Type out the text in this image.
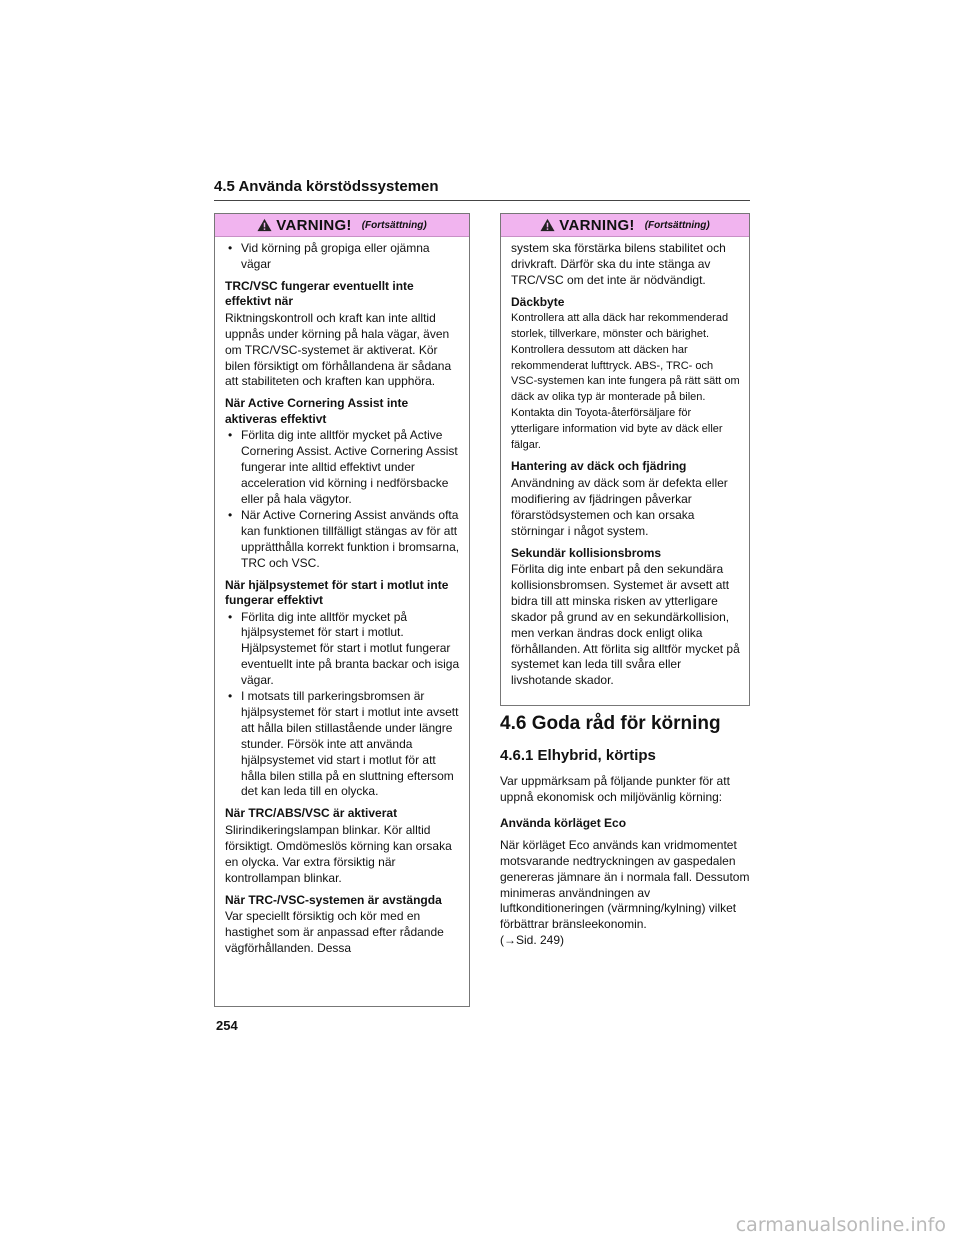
4.5 Använda körstödssystemen
VARNING! (Fortsättning)
• Vid körning på gropiga eller ojämna vägar
TRC/VSC fungerar eventuellt inte effektivt när

Riktningskontroll och kraft kan inte alltid uppnås under körning på hala vägar, även om TRC/VSC-systemet är aktiverat. Kör bilen försiktigt om förhållandena är sådana att stabiliteten och kraften kan upphöra.

När Active Cornering Assist inte aktiveras effektivt
• Förlita dig inte alltför mycket på Active Cornering Assist. Active Cornering Assist fungerar inte alltid effektivt under acceleration vid körning i nedförsbacke eller på hala vägytor.
• När Active Cornering Assist används ofta kan funktionen tillfälligt stängas av för att upprätthålla korrekt funktion i bromsarna, TRC och VSC.
När hjälpsystemet för start i motlut inte fungerar effektivt
• Förlita dig inte alltför mycket på hjälpsystemet för start i motlut. Hjälpsystemet för start i motlut fungerar eventuellt inte på branta backar och isiga vägar.
• I motsats till parkeringsbromsen är hjälpsystemet för start i motlut inte avsett att hålla bilen stillastående under längre stunder. Försök inte att använda hjälpsystemet vid start i motlut för att hålla bilen stilla på en sluttning eftersom det kan leda till en olycka.
När TRC/ABS/VSC är aktiverat

Slirindikeringslampan blinkar. Kör alltid försiktigt. Omdömeslös körning kan orsaka en olycka. Var extra försiktig när kontrollampan blinkar.

När TRC-/VSC-systemen är avstängda

Var speciellt försiktig och kör med en hastighet som är anpassad efter rådande vägförhållanden. Dessa

VARNING! (Fortsättning)

system ska förstärka bilens stabilitet och drivkraft. Därför ska du inte stänga av TRC/VSC om det inte är nödvändigt.

Däckbyte

Kontrollera att alla däck har rekommenderad storlek, tillverkare, mönster och bärighet. Kontrollera dessutom att däcken har rekommenderat lufttryck. ABS-, TRC- och VSC-systemen kan inte fungera på rätt sätt om däck av olika typ är monterade på bilen. Kontakta din Toyota-återförsäljare för ytterligare information vid byte av däck eller fälgar.

Hantering av däck och fjädring

Användning av däck som är defekta eller modifiering av fjädringen påverkar förarstödsystemen och kan orsaka störningar i något system.

Sekundär kollisionsbroms

Förlita dig inte enbart på den sekundära kollisionsbromsen. Systemet är avsett att bidra till att minska risken av ytterligare skador på grund av en sekundärkollision, men verkan ändras dock enligt olika förhållanden. Att förlita sig alltför mycket på systemet kan leda till svåra eller livshotande skador.

4.6 Goda råd för körning
4.6.1 Elhybrid, körtips

Var uppmärksam på följande punkter för att uppnå ekonomisk och miljövänlig körning:

Använda körläget Eco

När körläget Eco används kan vridmomentet motsvarande nedtryckningen av gaspedalen genereras jämnare än i normala fall. Dessutom minimeras användningen av luftkonditioneringen (värmning/kylning) vilket förbättrar bränsleekonomin.

(→Sid. 249)

254
carmanualsonline.info
